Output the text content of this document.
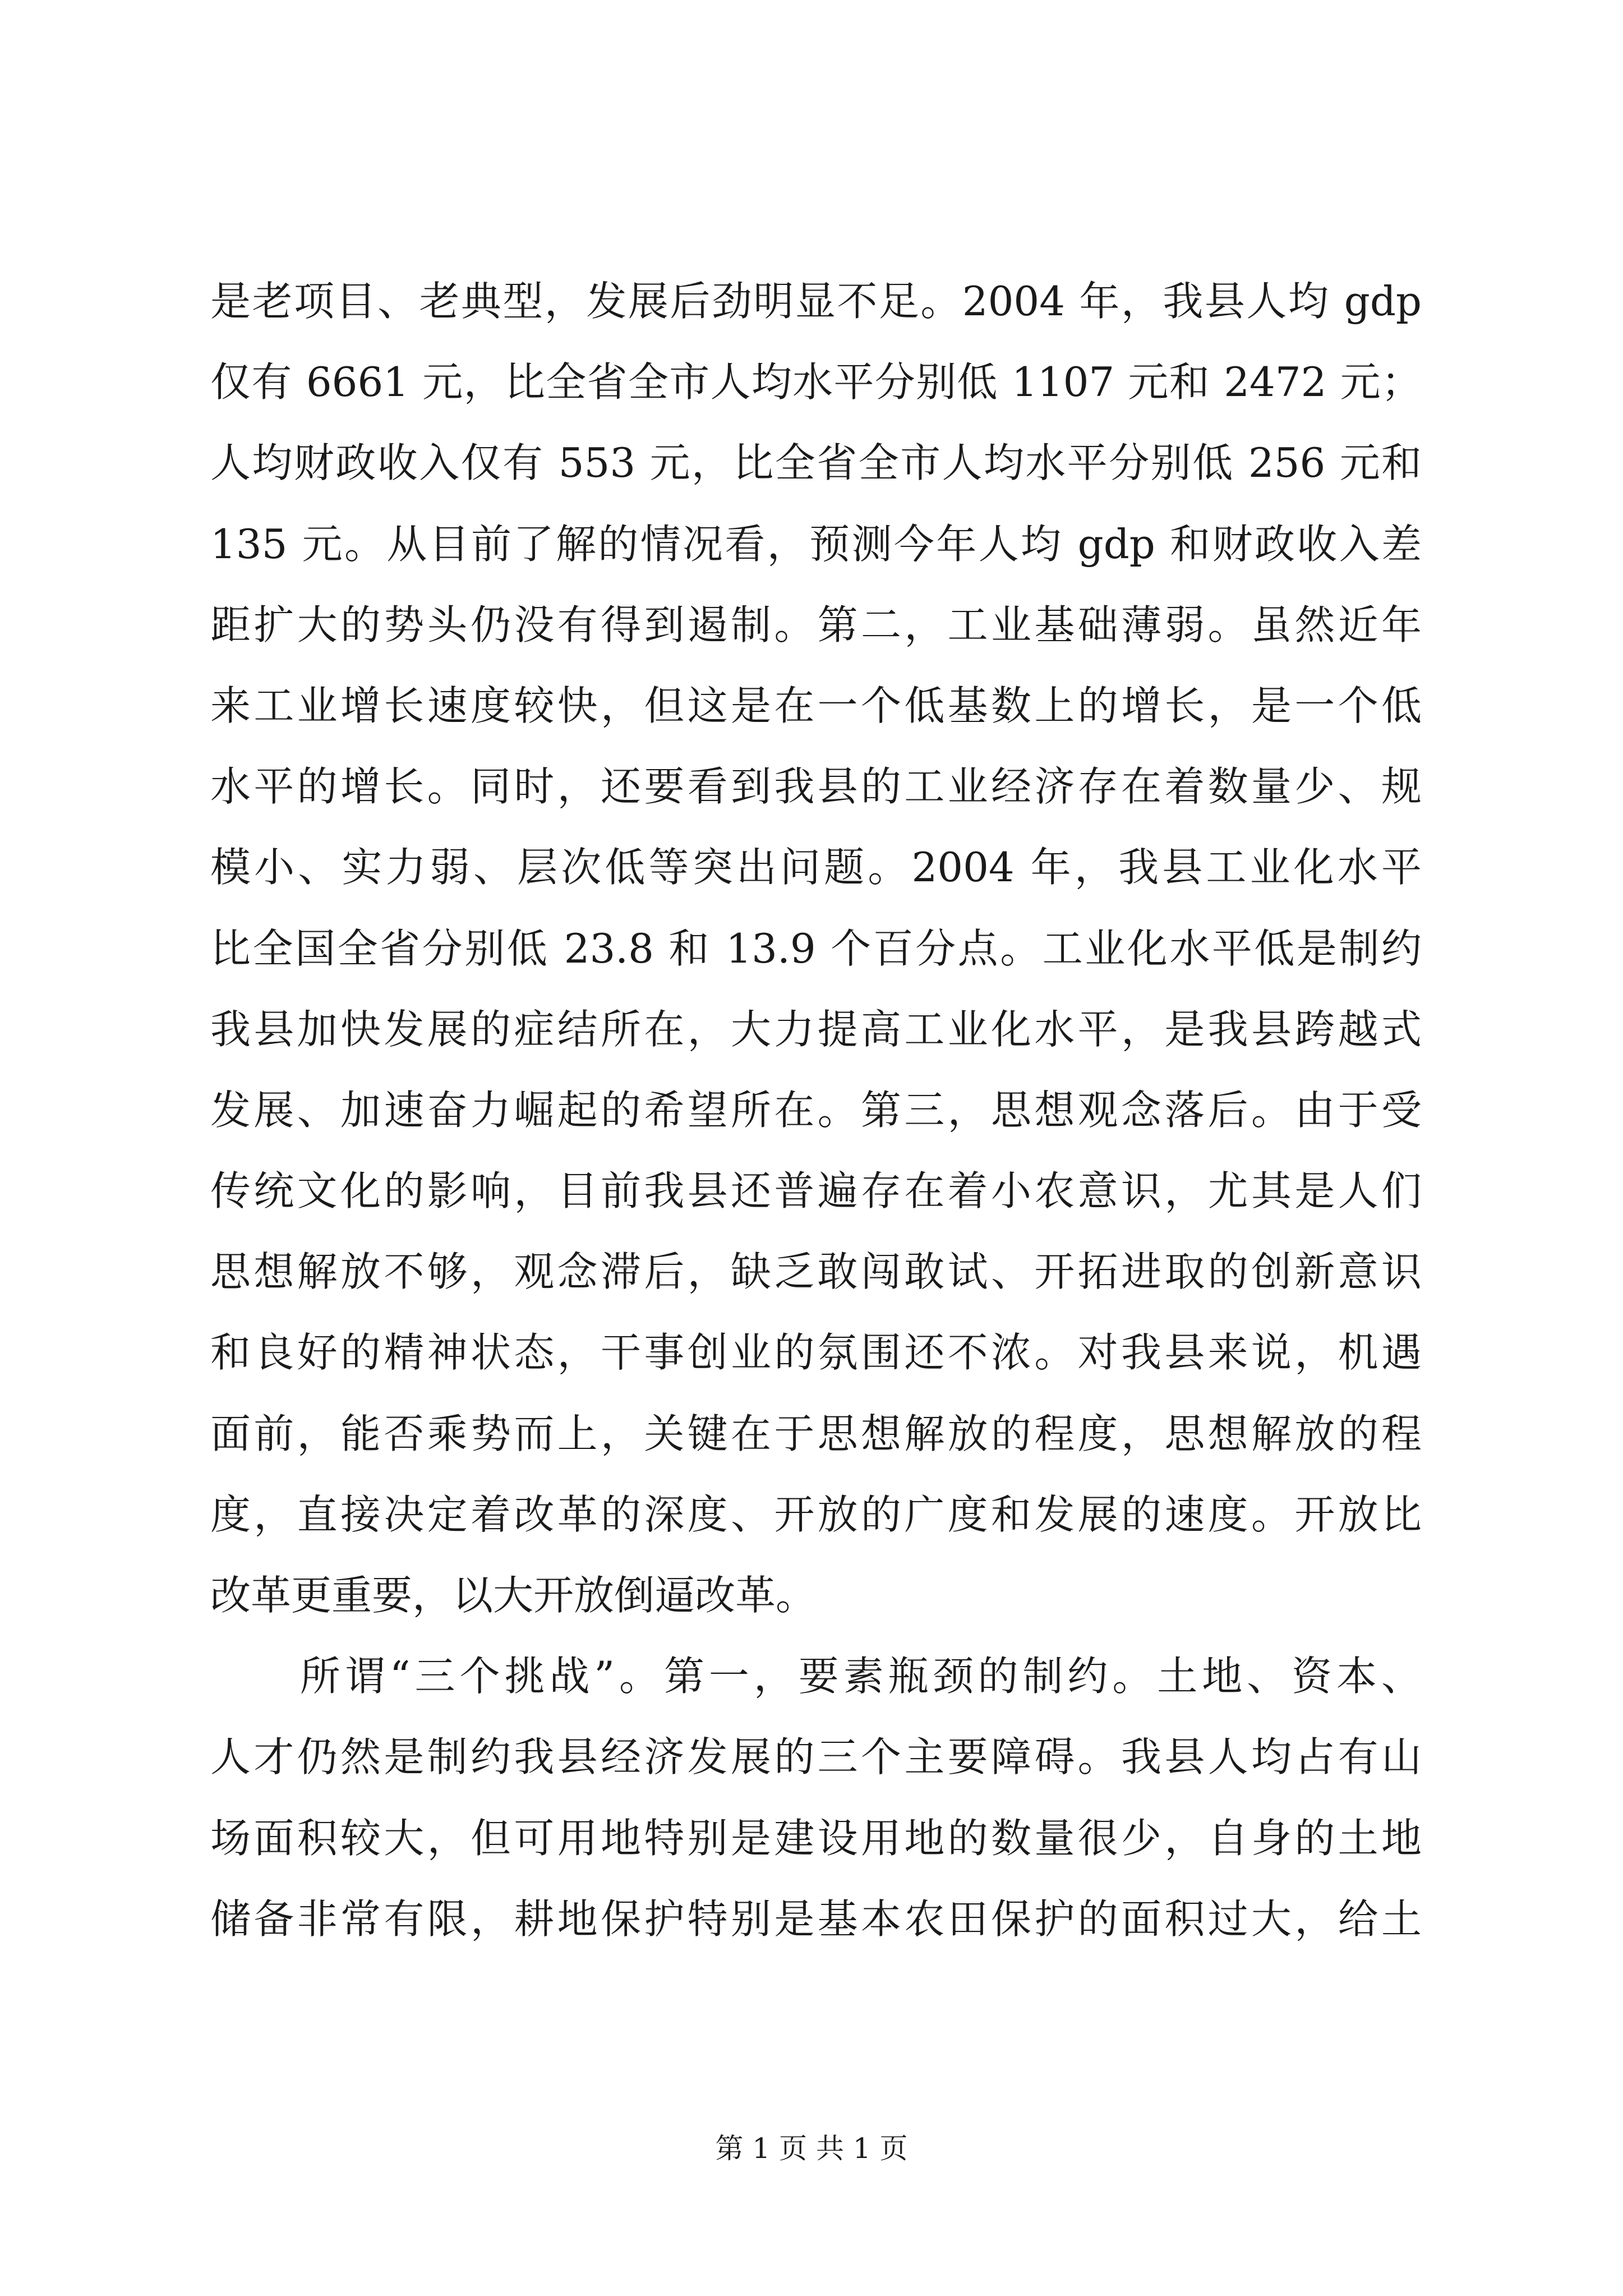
是老项目、老典型，发展后劲明显不足。2004 年，我县人均 gdp
仅有 6661 元，比全省全市人均水平分别低 1107 元和 2472 元；
人均财政收入仅有 553 元，比全省全市人均水平分别低 256 元和
135 元。从目前了解的情况看，预测今年人均 gdp 和财政收入差
距扩大的势头仍没有得到遏制。第二，工业基础薄弱。虽然近年
来工业增长速度较快，但这是在一个低基数上的增长，是一个低
水平的增长。同时，还要看到我县的工业经济存在着数量少、规
模小、实力弱、层次低等突出问题。2004 年，我县工业化水平
比全国全省分别低 23.8 和 13.9 个百分点。工业化水平低是制约
我县加快发展的症结所在，大力提高工业化水平，是我县跨越式
发展、加速奋力崛起的希望所在。第三，思想观念落后。由于受
传统文化的影响，目前我县还普遍存在着小农意识，尤其是人们
思想解放不够，观念滞后，缺乏敢闯敢试、开拓进取的创新意识
和良好的精神状态，干事创业的氛围还不浓。对我县来说，机遇
面前，能否乘势而上，关键在于思想解放的程度，思想解放的程
度，直接决定着改革的深度、开放的广度和发展的速度。开放比
改革更重要，以大开放倒逼改革。
　　所谓“三个挑战”。第一，要素瓶颈的制约。土地、资本、
人才仍然是制约我县经济发展的三个主要障碍。我县人均占有山
场面积较大，但可用地特别是建设用地的数量很少，自身的土地
储备非常有限，耕地保护特别是基本农田保护的面积过大，给土
第 1 页 共 1 页
